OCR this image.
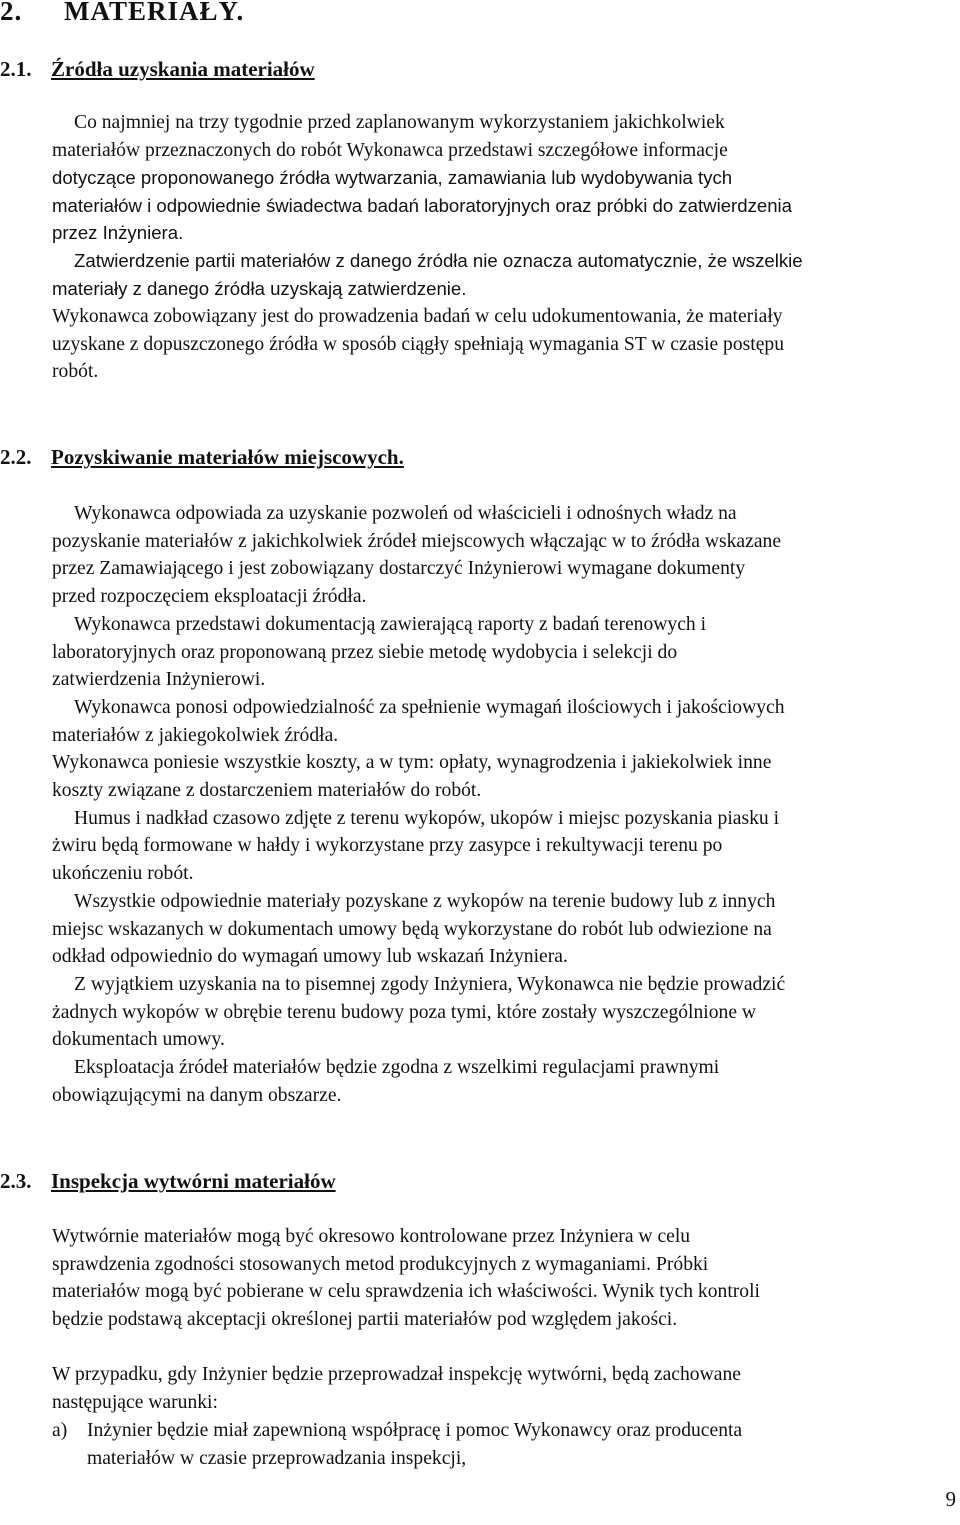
2. MATERIAŁY.
2.1. Źródła uzyskania materiałów

Co najmniej na trzy tygodnie przed zaplanowanym wykorzystaniem jakichkolwiek
materiałów przeznaczonych do robót Wykonawca przedstawi szczegółowe informacje

dotyczące proponowanego źródła wytwarzania, zamawiania lub wydobywania tych
materiałów i odpowiednie świadectwa badań laboratoryjnych oraz próbki do zatwierdzenia
przez Inżyniera.

Zatwierdzenie partii materiałów z danego źródła nie oznacza automatycznie, że wszelkie
materiały z danego źródła uzyskają zatwierdzenie.

Wykonawca zobowiązany jest do prowadzenia badań w celu udokumentowania, że materiały
uzyskane z dopuszczonego źródła w sposób ciągły spełniają wymagania ST w czasie postępu
robót.

2.2. Pozyskiwanie materiałów miejscowych.

Wykonawca odpowiada za uzyskanie pozwoleń od właścicieli i odnośnych władz na
pozyskanie materiałów z jakichkolwiek źródeł miejscowych włączając w to źródła wskazane
przez Zamawiającego i jest zobowiązany dostarczyć Inżynierowi wymagane dokumenty
przed rozpoczęciem eksploatacji źródła.

Wykonawca przedstawi dokumentacją zawierającą raporty z badań terenowych i
laboratoryjnych oraz proponowaną przez siebie metodę wydobycia i selekcji do
zatwierdzenia Inżynierowi.

Wykonawca ponosi odpowiedzialność za spełnienie wymagań ilościowych i jakościowych
materiałów z jakiegokolwiek źródła.

Wykonawca poniesie wszystkie koszty, a w tym: opłaty, wynagrodzenia i jakiekolwiek inne
koszty związane z dostarczeniem materiałów do robót.

Humus i nadkład czasowo zdjęte z terenu wykopów, ukopów i miejsc pozyskania piasku i
żwiru będą formowane w hałdy i wykorzystane przy zasypce i rekultywacji terenu po
ukończeniu robót.

Wszystkie odpowiednie materiały pozyskane z wykopów na terenie budowy lub z innych
miejsc wskazanych w dokumentach umowy będą wykorzystane do robót lub odwiezione na
odkład odpowiednio do wymagań umowy lub wskazań Inżyniera.

Z wyjątkiem uzyskania na to pisemnej zgody Inżyniera, Wykonawca nie będzie prowadzić
żadnych wykopów w obrębie terenu budowy poza tymi, które zostały wyszczególnione w
dokumentach umowy.

Eksploatacja źródeł materiałów będzie zgodna z wszelkimi regulacjami prawnymi
obowiązującymi na danym obszarze.

2.3. Inspekcja wytwórni materiałów

Wytwórnie materiałów mogą być okresowo kontrolowane przez Inżyniera w celu
sprawdzenia zgodności stosowanych metod produkcyjnych z wymaganiami. Próbki
materiałów mogą być pobierane w celu sprawdzenia ich właściwości. Wynik tych kontroli
będzie podstawą akceptacji określonej partii materiałów pod względem jakości.

W przypadku, gdy Inżynier będzie przeprowadzał inspekcję wytwórni, będą zachowane
następujące warunki:

a) Inżynier będzie miał zapewnioną współpracę i pomoc Wykonawcy oraz producenta
materiałów w czasie przeprowadzania inspekcji,
9
